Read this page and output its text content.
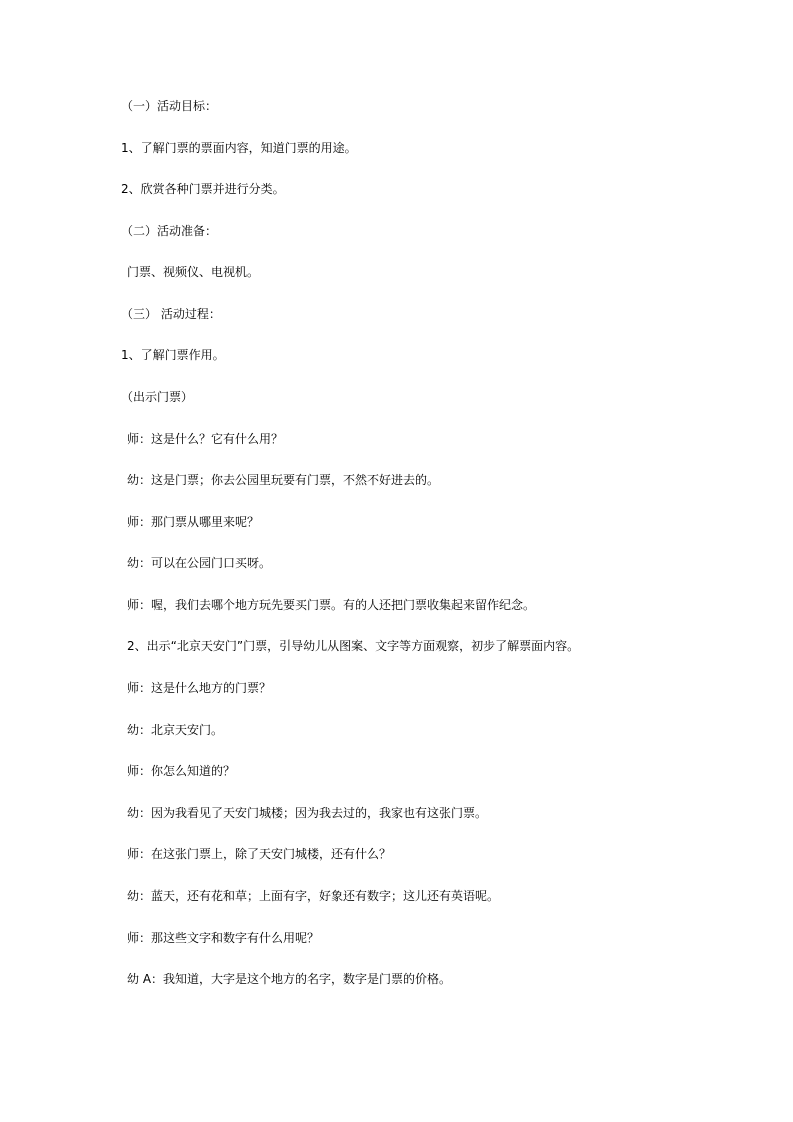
（一）活动目标：
1、了解门票的票面内容，知道门票的用途。
2、欣赏各种门票并进行分类。
（二）活动准备：
门票、视频仪、电视机。
（三） 活动过程：
1、了解门票作用。
（出示门票）
师：这是什么？它有什么用？
幼：这是门票；你去公园里玩要有门票，不然不好进去的。
师：那门票从哪里来呢？
幼：可以在公园门口买呀。
师：喔，我们去哪个地方玩先要买门票。有的人还把门票收集起来留作纪念。
2、出示“北京天安门”门票，引导幼儿从图案、文字等方面观察，初步了解票面内容。
师：这是什么地方的门票？
幼：北京天安门。
师：你怎么知道的？
幼：因为我看见了天安门城楼；因为我去过的，我家也有这张门票。
师：在这张门票上，除了天安门城楼，还有什么？
幼：蓝天，还有花和草；上面有字，好象还有数字；这儿还有英语呢。
师：那这些文字和数字有什么用呢？
幼 A：我知道，大字是这个地方的名字，数字是门票的价格。
